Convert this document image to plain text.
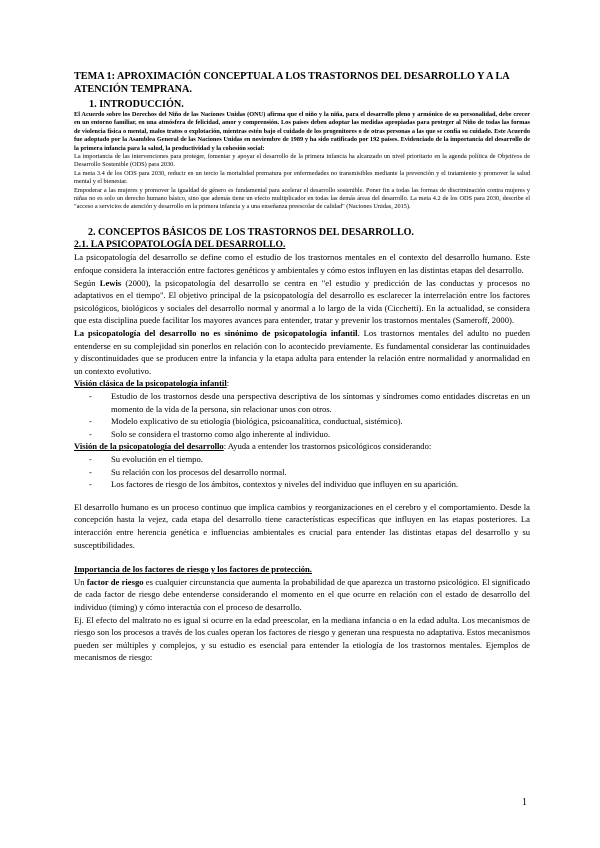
TEMA 1: APROXIMACIÓN CONCEPTUAL A LOS TRASTORNOS DEL DESARROLLO Y A LA ATENCIÓN TEMPRANA.

1. INTRODUCCIÓN.

El Acuerdo sobre los Derechos del Niño de las Naciones Unidas (ONU) afirma que el niño y la niña, para el desarrollo pleno y armónico de su personalidad, debe crecer en un entorno familiar, en una atmósfera de felicidad, amor y comprensión. Los países deben adoptar las medidas apropiadas para proteger al Niño de todas las formas de violencia física o mental, malos tratos o explotación, mientras estén bajo el cuidado de los progenitores o de otras personas a las que se confía su cuidado. Este Acuerdo fue adoptado por la Asamblea General de las Naciones Unidas en noviembre de 1989 y ha sido ratificado por 192 países. Evidenciado de la importancia del desarrollo de la primera infancia para la salud, la productividad y la cohesión social:

La importancia de las intervenciones para proteger, fomentar y apoyar el desarrollo de la primera infancia ha alcanzado un nivel prioritario en la agenda política de Objetivos de Desarrollo Sostenible (ODS) para 2030.

La meta 3.4 de los ODS para 2030, reducir en un tercio la mortalidad prematura por enfermedades no transmisibles mediante la prevención y el tratamiento y promover la salud mental y el bienestar.

Empoderar a las mujeres y promover la igualdad de género es fundamental para acelerar el desarrollo sostenible. Poner fin a todas las formas de discriminación contra mujeres y niñas no es solo un derecho humano básico, sino que además tiene un efecto multiplicador en todas las demás áreas del desarrollo. La meta 4.2 de los ODS para 2030, describe el "acceso a servicios de atención y desarrollo en la primera infancia y a una enseñanza preescolar de calidad" (Naciones Unidas, 2015).

2. CONCEPTOS BÁSICOS DE LOS TRASTORNOS DEL DESARROLLO.

2.1. LA PSICOPATOLOGÍA DEL DESARROLLO.

La psicopatología del desarrollo se define como el estudio de los trastornos mentales en el contexto del desarrollo humano. Este enfoque considera la interacción entre factores genéticos y ambientales y cómo estos influyen en las distintas etapas del desarrollo.

Según Lewis (2000), la psicopatología del desarrollo se centra en "el estudio y predicción de las conductas y procesos no adaptativos en el tiempo". El objetivo principal de la psicopatología del desarrollo es esclarecer la interrelación entre los factores psicológicos, biológicos y sociales del desarrollo normal y anormal a lo largo de la vida (Cicchetti). En la actualidad, se considera que esta disciplina puede facilitar los mayores avances para entender, tratar y prevenir los trastornos mentales (Sameroff, 2000).

La psicopatología del desarrollo no es sinónimo de psicopatología infantil. Los trastornos mentales del adulto no pueden entenderse en su complejidad sin ponerlos en relación con lo acontecido previamente. Es fundamental considerar las continuidades y discontinuidades que se producen entre la infancia y la etapa adulta para entender la relación entre normalidad y anormalidad en un contexto evolutivo.

Visión clásica de la psicopatología infantil:

-	Estudio de los trastornos desde una perspectiva descriptiva de los síntomas y síndromes como entidades discretas en un momento de la vida de la persona, sin relacionar unos con otros.
-	Modelo explicativo de su etiología (biológica, psicoanalítica, conductual, sistémico).
-	Solo se considera el trastorno como algo inherente al individuo.

Visión de la psicopatología del desarrollo: Ayuda a entender los trastornos psicológicos considerando:

-	Su evolución en el tiempo.
-	Su relación con los procesos del desarrollo normal.
-	Los factores de riesgo de los ámbitos, contextos y niveles del individuo que influyen en su aparición.

El desarrollo humano es un proceso continuo que implica cambios y reorganizaciones en el cerebro y el comportamiento. Desde la concepción hasta la vejez, cada etapa del desarrollo tiene características específicas que influyen en las etapas posteriores. La interacción entre herencia genética e influencias ambientales es crucial para entender las distintas etapas del desarrollo y su susceptibilidades.

Importancia de los factores de riesgo y los factores de protección.

Un factor de riesgo es cualquier circunstancia que aumenta la probabilidad de que aparezca un trastorno psicológico. El significado de cada factor de riesgo debe entenderse considerando el momento en el que ocurre en relación con el estado de desarrollo del individuo (timing) y cómo interactúa con el proceso de desarrollo.

Ej. El efecto del maltrato no es igual si ocurre en la edad preescolar, en la mediana infancia o en la edad adulta. Los mecanismos de riesgo son los procesos a través de los cuales operan los factores de riesgo y generan una respuesta no adaptativa. Estos mecanismos pueden ser múltiples y complejos, y su estudio es esencial para entender la etiología de los trastornos mentales. Ejemplos de mecanismos de riesgo:

1
